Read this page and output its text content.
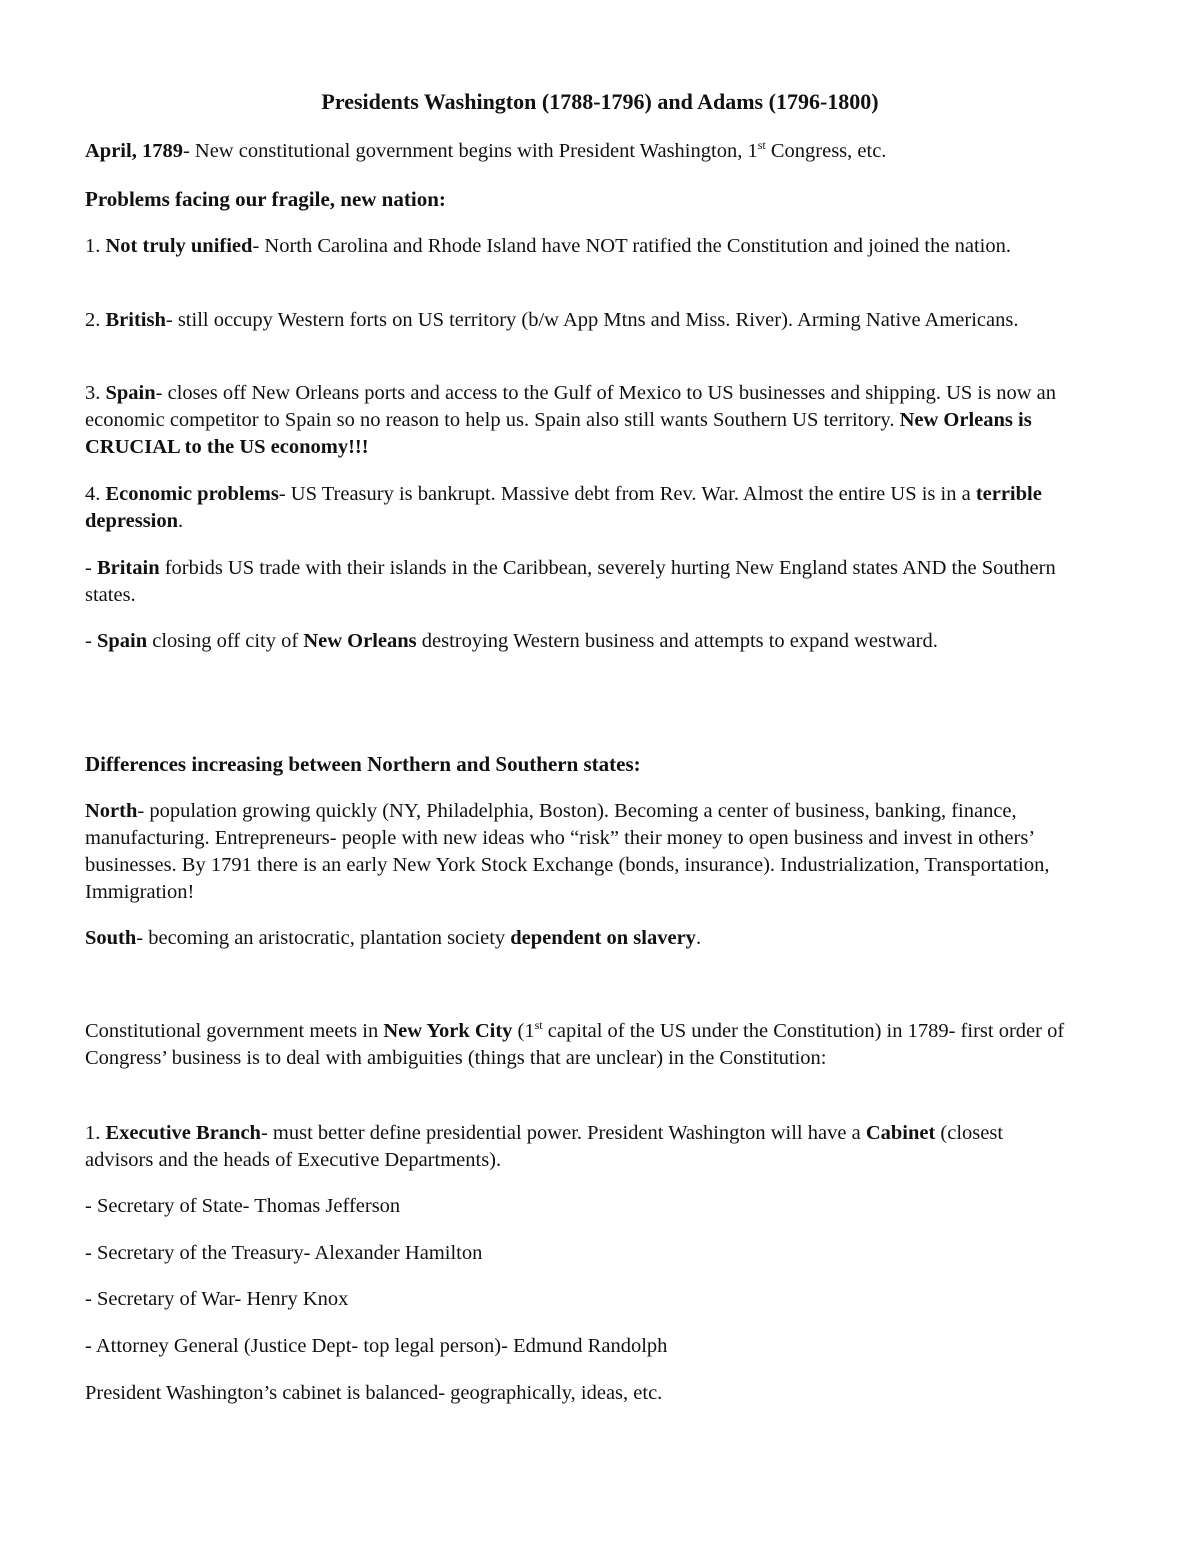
Presidents Washington (1788-1796) and Adams (1796-1800)
April, 1789- New constitutional government begins with President Washington, 1st Congress, etc.
Problems facing our fragile, new nation:
1. Not truly unified- North Carolina and Rhode Island have NOT ratified the Constitution and joined the nation.
2. British- still occupy Western forts on US territory (b/w App Mtns and Miss. River). Arming Native Americans.
3. Spain- closes off New Orleans ports and access to the Gulf of Mexico to US businesses and shipping. US is now an economic competitor to Spain so no reason to help us. Spain also still wants Southern US territory. New Orleans is CRUCIAL to the US economy!!!
4. Economic problems- US Treasury is bankrupt. Massive debt from Rev. War. Almost the entire US is in a terrible depression.
- Britain forbids US trade with their islands in the Caribbean, severely hurting New England states AND the Southern states.
- Spain closing off city of New Orleans destroying Western business and attempts to expand westward.
Differences increasing between Northern and Southern states:
North- population growing quickly (NY, Philadelphia, Boston). Becoming a center of business, banking, finance, manufacturing. Entrepreneurs- people with new ideas who “risk” their money to open business and invest in others’ businesses. By 1791 there is an early New York Stock Exchange (bonds, insurance). Industrialization, Transportation, Immigration!
South- becoming an aristocratic, plantation society dependent on slavery.
Constitutional government meets in New York City (1st capital of the US under the Constitution) in 1789- first order of Congress’ business is to deal with ambiguities (things that are unclear) in the Constitution:
1. Executive Branch- must better define presidential power. President Washington will have a Cabinet (closest advisors and the heads of Executive Departments).
- Secretary of State- Thomas Jefferson
- Secretary of the Treasury- Alexander Hamilton
- Secretary of War- Henry Knox
- Attorney General (Justice Dept- top legal person)- Edmund Randolph
President Washington’s cabinet is balanced- geographically, ideas, etc.
